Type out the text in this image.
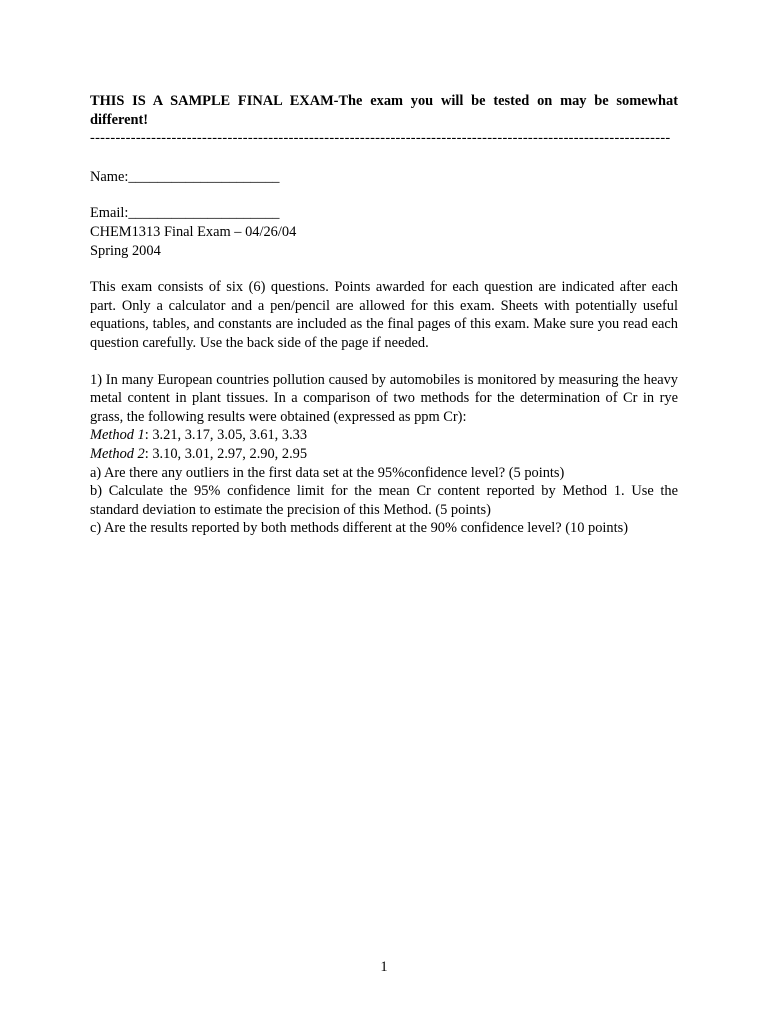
THIS IS A SAMPLE FINAL EXAM-The exam you will be tested on may be somewhat different!
------------------------------------------------------------------------------------------------------------------
Name:_____________________
Email:_____________________
CHEM1313 Final Exam – 04/26/04
Spring 2004
This exam consists of six (6) questions. Points awarded for each question are indicated after each part. Only a calculator and a pen/pencil are allowed for this exam. Sheets with potentially useful equations, tables, and constants are included as the final pages of this exam. Make sure you read each question carefully. Use the back side of the page if needed.
1) In many European countries pollution caused by automobiles is monitored by measuring the heavy metal content in plant tissues. In a comparison of two methods for the determination of Cr in rye grass, the following results were obtained (expressed as ppm Cr):
Method 1: 3.21, 3.17, 3.05, 3.61, 3.33
Method 2: 3.10, 3.01, 2.97, 2.90, 2.95
a) Are there any outliers in the first data set at the 95%confidence level? (5 points)
b) Calculate the 95% confidence limit for the mean Cr content reported by Method 1. Use the standard deviation to estimate the precision of this Method. (5 points)
c) Are the results reported by both methods different at the 90% confidence level? (10 points)
1
